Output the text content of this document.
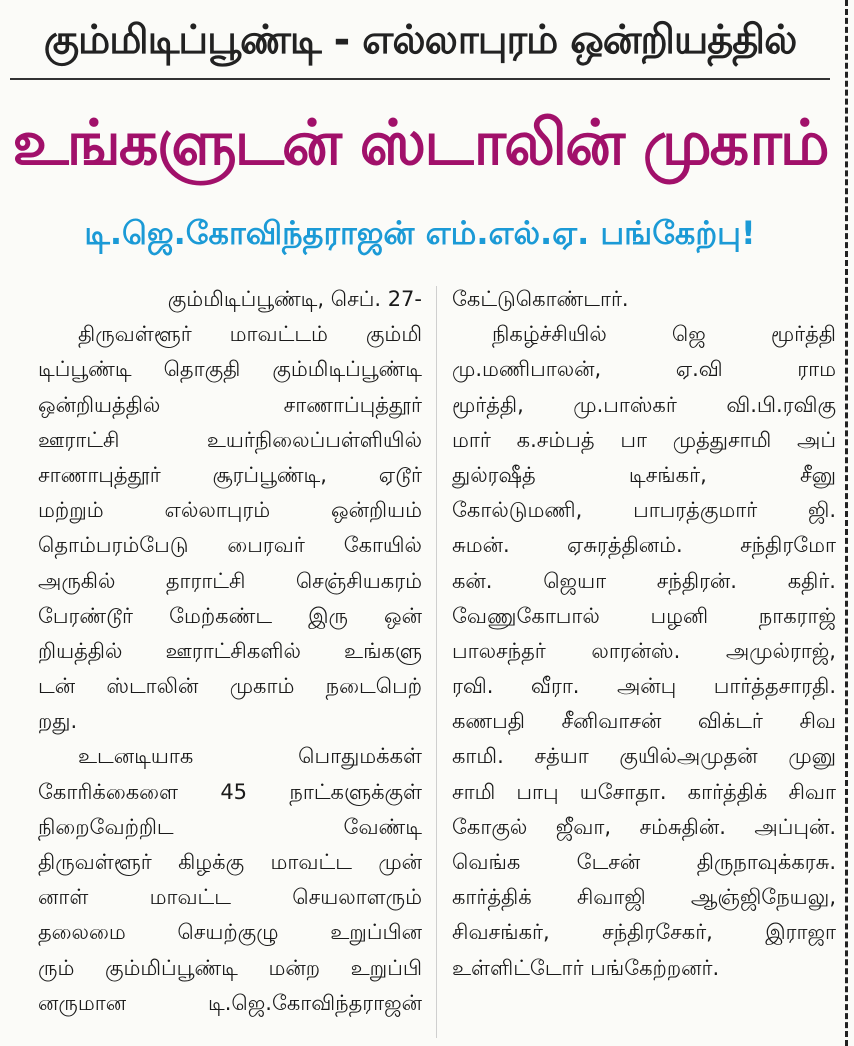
கும்மிடிப்பூண்டி - எல்லாபுரம் ஒன்றியத்தில்
உங்களுடன் ஸ்டாலின் முகாம்
டி.ஜெ.கோவிந்தராஜன் எம்.எல்.ஏ. பங்கேற்பு!
கும்மிடிப்பூண்டி, செப். 27-
திருவள்ளூர் மாவட்டம் கும்மி
டிப்பூண்டி தொகுதி கும்மிடிப்பூண்டி
ஒன்றியத்தில் சாணாப்புத்தூர்
ஊராட்சி உயர்நிலைப்பள்ளியில்
சாணாபுத்தூர் சூரப்பூண்டி, ஏடூர்
மற்றும் எல்லாபுரம் ஒன்றியம்
தொம்பரம்பேடு பைரவர் கோயில்
அருகில் தாராட்சி செஞ்சியகரம்
பேரண்டூர் மேற்கண்ட இரு ஒன்
றியத்தில் ஊராட்சிகளில் உங்களு
டன் ஸ்டாலின் முகாம் நடைபெற்
றது.
உடனடியாக பொதுமக்கள்
கோரிக்கைளை 45 நாட்களுக்குள்
நிறைவேற்றிட வேண்டி
திருவள்ளூர் கிழக்கு மாவட்ட முன்
னாள் மாவட்ட செயலாளரும்
தலைமை செயற்குழு உறுப்பின
ரும் கும்மிப்பூண்டி மன்ற உறுப்பி
னருமான டி.ஜெ.கோவிந்தராஜன்
கேட்டுகொண்டார்.
நிகழ்ச்சியில் ஜெ மூர்த்தி
மு.மணிபாலன், ஏ.வி ராம
மூர்த்தி, மு.பாஸ்கர் வி.பி.ரவிகு
மார் க.சம்பத் பா முத்துசாமி அப்
துல்ரஷீத் டிசங்கர், சீனு
கோல்டுமணி, பாபரத்குமார் ஜி.
சுமன். ஏசுரத்தினம். சந்திரமோ
கன். ஜெயா சந்திரன். கதிர்.
வேணுகோபால் பழனி நாகராஜ்
பாலசந்தர் லாரன்ஸ். அமுல்ராஜ்,
ரவி. வீரா. அன்பு பார்த்தசாரதி.
கணபதி சீனிவாசன் விக்டர் சிவ
காமி. சத்யா குயில்அமுதன் முனு
சாமி பாபு யசோதா. கார்த்திக் சிவா
கோகுல் ஜீவா, சம்சுதின். அப்புன்.
வெங்க டேசன் திருநாவுக்கரசு.
கார்த்திக் சிவாஜி ஆஞ்ஜிநேயலு,
சிவசங்கர், சந்திரசேகர், இராஜா
உள்ளிட்டோர் பங்கேற்றனர்.
